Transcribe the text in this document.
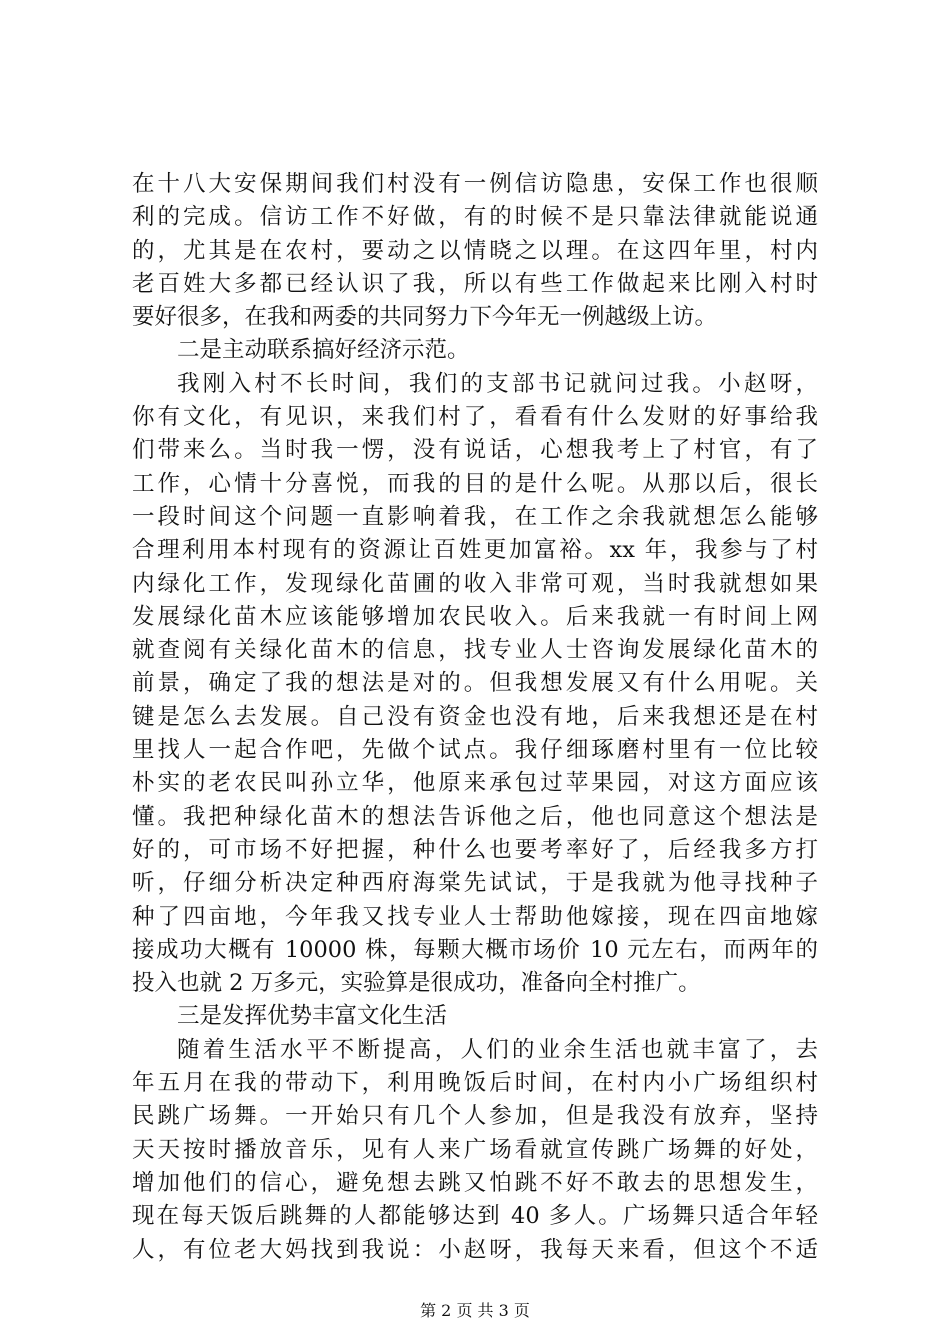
在十八大安保期间我们村没有一例信访隐患，安保工作也很顺
利的完成。信访工作不好做，有的时候不是只靠法律就能说通
的，尤其是在农村，要动之以情晓之以理。在这四年里，村内
老百姓大多都已经认识了我，所以有些工作做起来比刚入村时
要好很多，在我和两委的共同努力下今年无一例越级上访。
二是主动联系搞好经济示范。
我刚入村不长时间，我们的支部书记就问过我。小赵呀，
你有文化，有见识，来我们村了，看看有什么发财的好事给我
们带来么。当时我一愣，没有说话，心想我考上了村官，有了
工作，心情十分喜悦，而我的目的是什么呢。从那以后，很长
一段时间这个问题一直影响着我，在工作之余我就想怎么能够
合理利用本村现有的资源让百姓更加富裕。xx 年，我参与了村
内绿化工作，发现绿化苗圃的收入非常可观，当时我就想如果
发展绿化苗木应该能够增加农民收入。后来我就一有时间上网
就查阅有关绿化苗木的信息，找专业人士咨询发展绿化苗木的
前景，确定了我的想法是对的。但我想发展又有什么用呢。关
键是怎么去发展。自己没有资金也没有地，后来我想还是在村
里找人一起合作吧，先做个试点。我仔细琢磨村里有一位比较
朴实的老农民叫孙立华，他原来承包过苹果园，对这方面应该
懂。我把种绿化苗木的想法告诉他之后，他也同意这个想法是
好的，可市场不好把握，种什么也要考率好了，后经我多方打
听，仔细分析决定种西府海棠先试试，于是我就为他寻找种子
种了四亩地，今年我又找专业人士帮助他嫁接，现在四亩地嫁
接成功大概有 10000 株，每颗大概市场价 10 元左右，而两年的
投入也就 2 万多元，实验算是很成功，准备向全村推广。
三是发挥优势丰富文化生活
随着生活水平不断提高，人们的业余生活也就丰富了，去
年五月在我的带动下，利用晚饭后时间，在村内小广场组织村
民跳广场舞。一开始只有几个人参加，但是我没有放弃，坚持
天天按时播放音乐，见有人来广场看就宣传跳广场舞的好处，
增加他们的信心，避免想去跳又怕跳不好不敢去的思想发生，
现在每天饭后跳舞的人都能够达到 40 多人。广场舞只适合年轻
人，有位老大妈找到我说：小赵呀，我每天来看，但这个不适
第 2 页 共 3 页
